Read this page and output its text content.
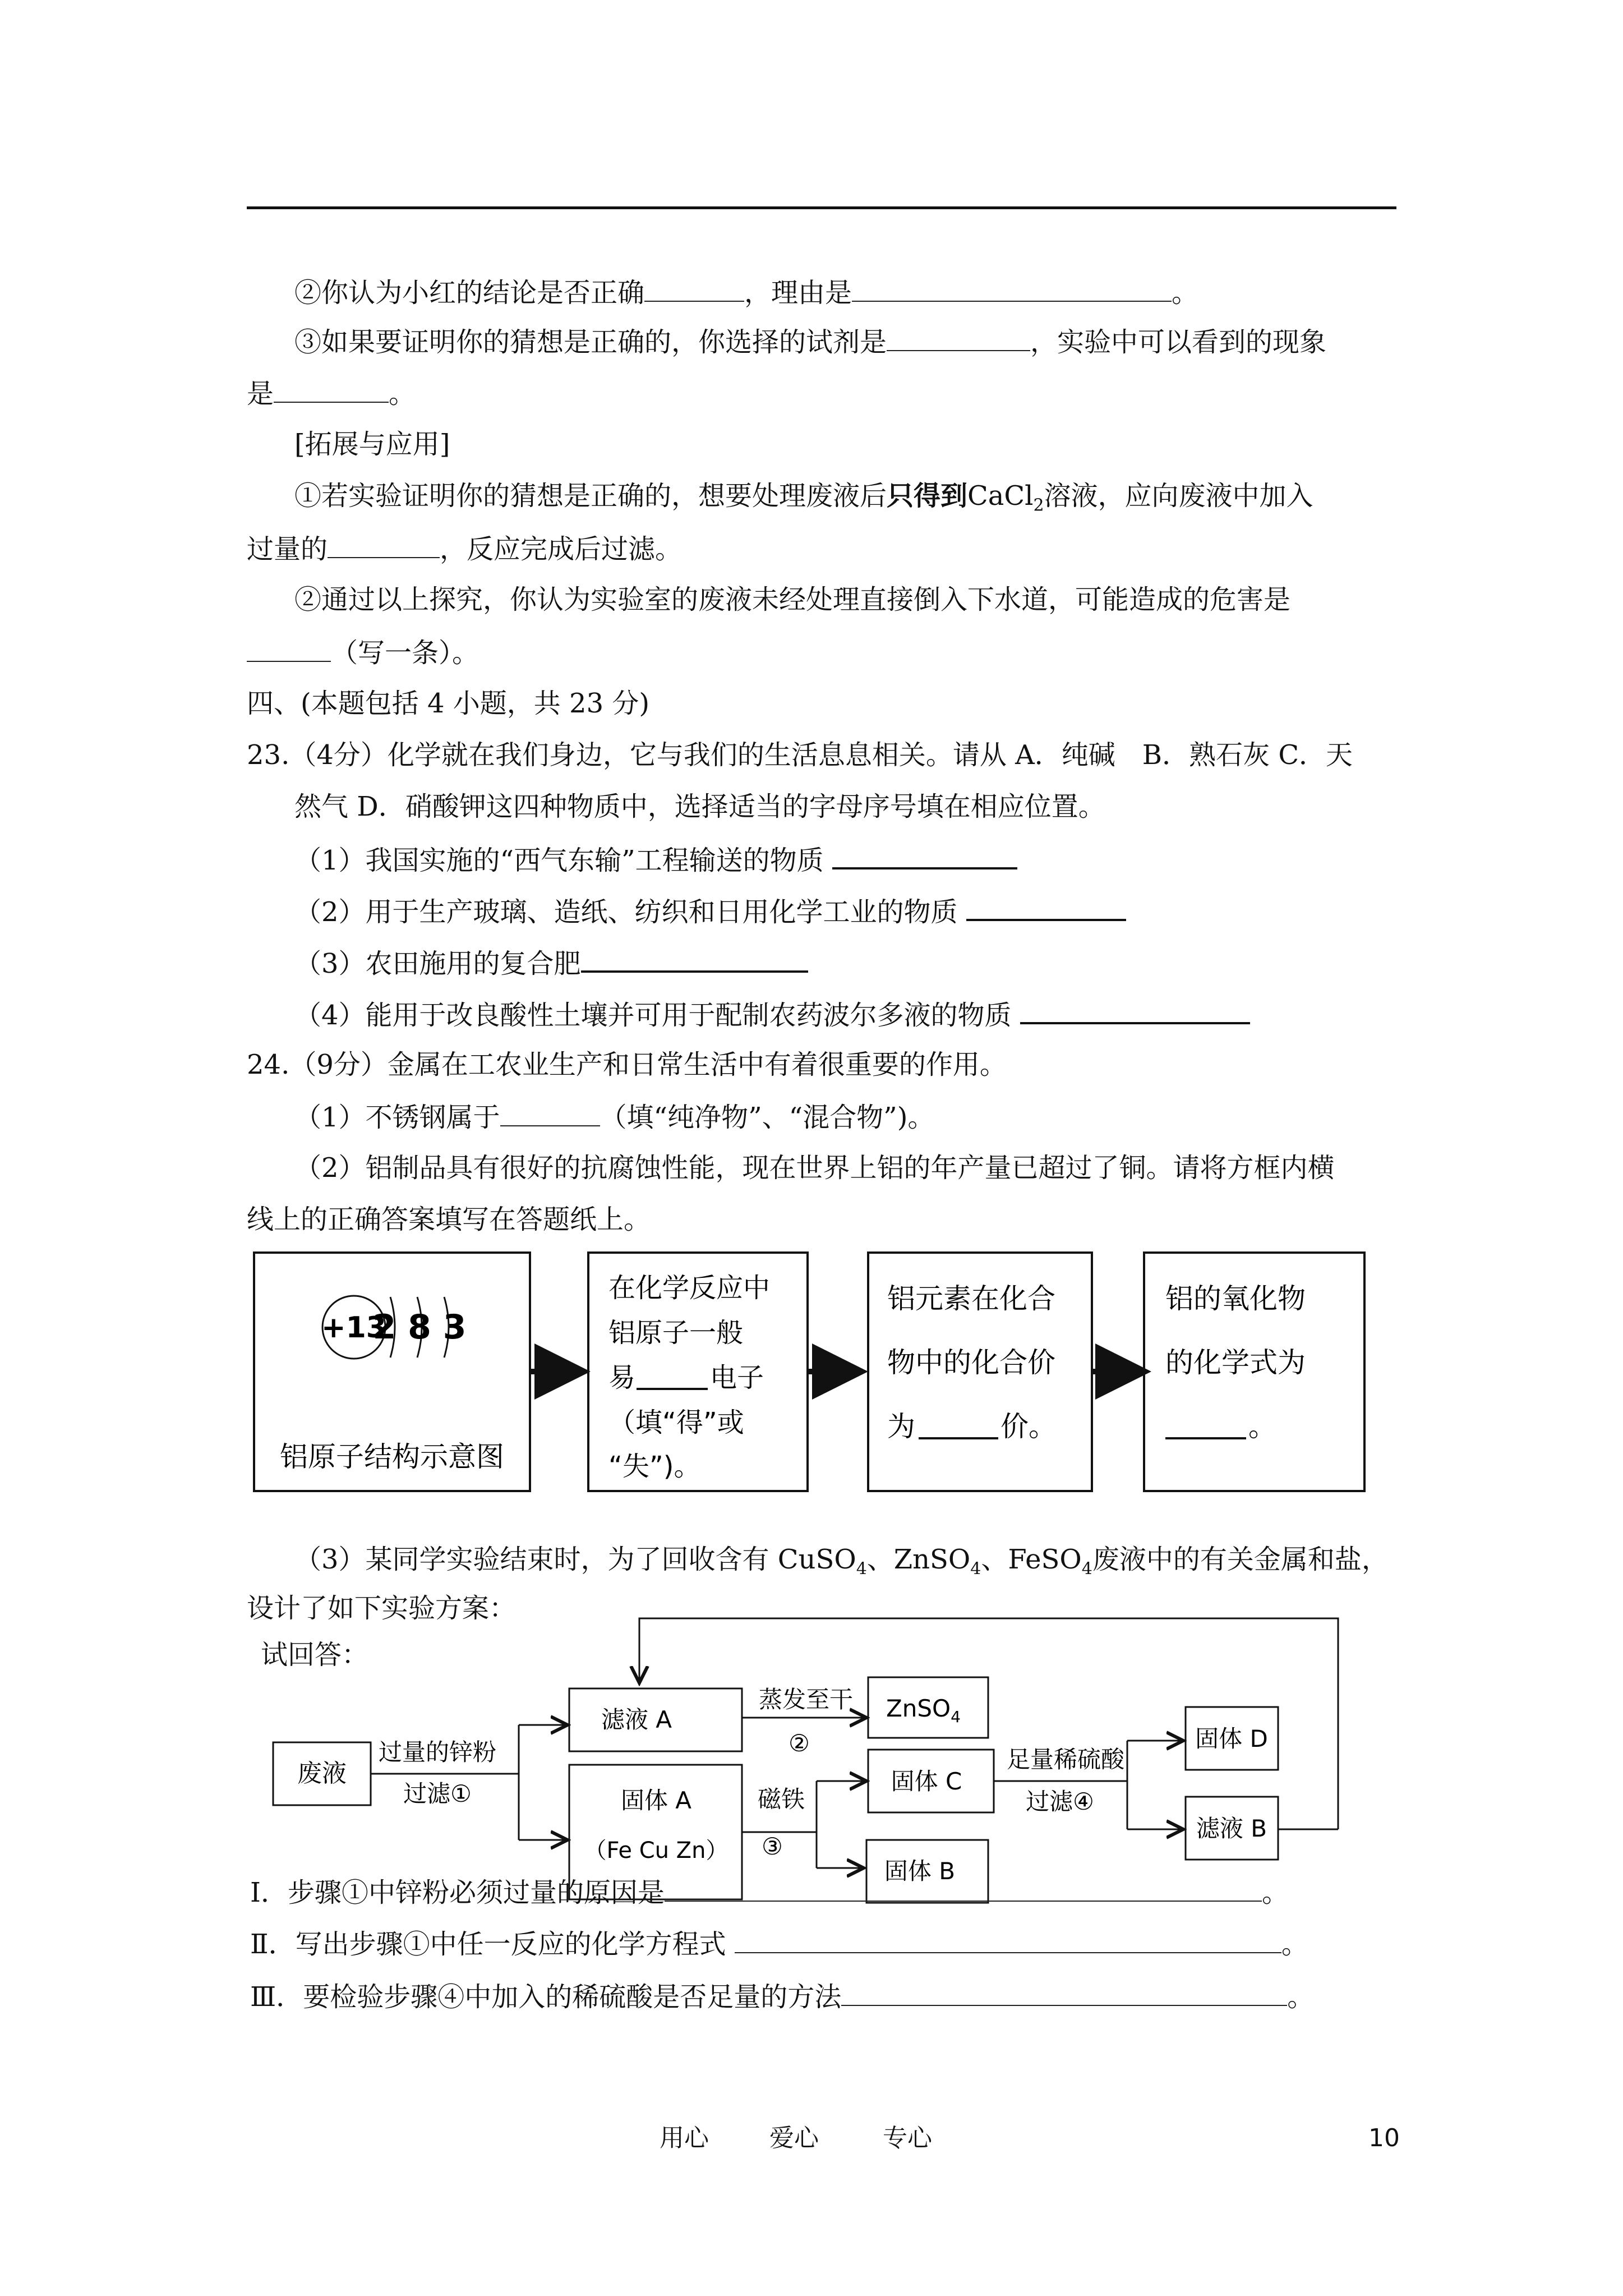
②你认为小红的结论是否正确	，理由是	。
③如果要证明你的猜想是正确的，你选择的试剂是	，实验中可以看到的现象
是	。
[拓展与应用]
①若实验证明你的猜想是正确的，想要处理废液后只得到CaCl$_2$溶液，应向废液中加入
过量的	，反应完成后过滤。
②通过以上探究，你认为实验室的废液未经处理直接倒入下水道，可能造成的危害是
（写一条）。
四、(本题包括 4 小题，共 23 分)
23.（4分）化学就在我们身边，它与我们的生活息息相关。请从 A．纯碱　B．熟石灰 C．天
然气 D．硝酸钾这四种物质中，选择适当的字母序号填在相应位置。
（1）我国实施的“西气东输”工程输送的物质
（2）用于生产玻璃、造纸、纺织和日用化学工业的物质
（3）农田施用的复合肥
（4）能用于改良酸性土壤并可用于配制农药波尔多液的物质
24.（9分）金属在工农业生产和日常生活中有着很重要的作用。
（1）不锈钢属于	（填“纯净物”、“混合物”)。
（2）铝制品具有很好的抗腐蚀性能，现在世界上铝的年产量已超过了铜。请将方框内横
线上的正确答案填写在答题纸上。
+13
2 8 3
铝原子结构示意图
在化学反应中
铝原子一般
易	电子
（填“得”或
“失”)。
铝元素在化合
物中的化合价
为	价。
铝的氧化物
的化学式为
。
（3）某同学实验结束时，为了回收含有 CuSO$_4$、ZnSO$_4$、FeSO$_4$废液中的有关金属和盐，
设计了如下实验方案：
试回答：
废液
过量的锌粉
过滤①
滤液 A
蒸发至干
②
ZnSO$_4$
固体 A
（Fe Cu Zn）
磁铁
③
固体 C
足量稀硫酸
过滤④
固体 B
固体 D
滤液 B
Ⅰ．步骤①中锌粉必须过量的原因是	。
Ⅱ．写出步骤①中任一反应的化学方程式	。
Ⅲ．要检验步骤④中加入的稀硫酸是否足量的方法	。
用心 爱心	专心	10
